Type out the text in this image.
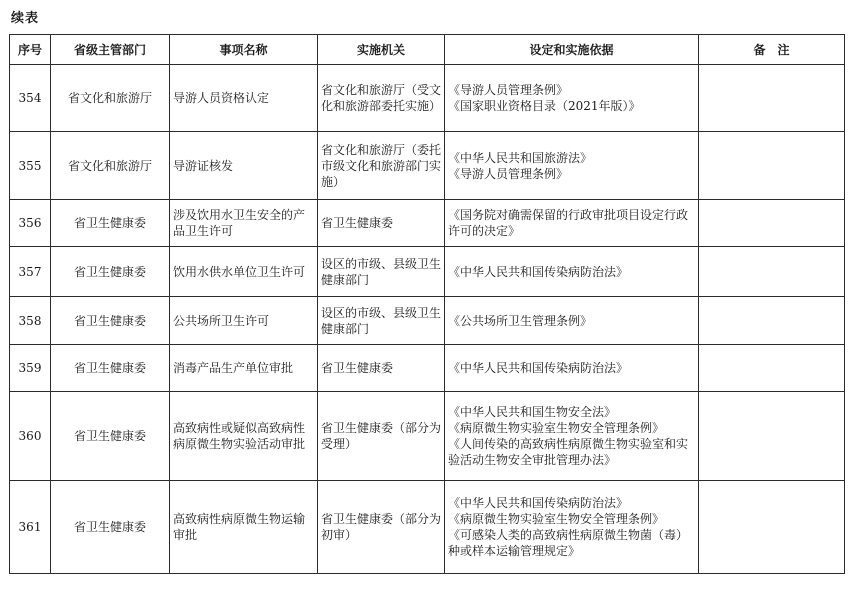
续表
序号	省级主管部门	事项名称	实施机关	设定和实施依据	备　注
354	省文化和旅游厅	导游人员资格认定	省文化和旅游厅（受文化和旅游部委托实施）	《导游人员管理条例》
《国家职业资格目录（2021年版）》	

355	省文化和旅游厅	导游证核发	省文化和旅游厅（委托市级文化和旅游部门实施）	《中华人民共和国旅游法》
《导游人员管理条例》	

356	省卫生健康委	涉及饮用水卫生安全的产品卫生许可	省卫生健康委	《国务院对确需保留的行政审批项目设定行政许可的决定》	

357	省卫生健康委	饮用水供水单位卫生许可	设区的市级、县级卫生健康部门	《中华人民共和国传染病防治法》	

358	省卫生健康委	公共场所卫生许可	设区的市级、县级卫生健康部门	《公共场所卫生管理条例》	

359	省卫生健康委	消毒产品生产单位审批	省卫生健康委	《中华人民共和国传染病防治法》	

360	省卫生健康委	高致病性或疑似高致病性病原微生物实验活动审批	省卫生健康委（部分为受理）	《中华人民共和国生物安全法》
《病原微生物实验室生物安全管理条例》
《人间传染的高致病性病原微生物实验室和实验活动生物安全审批管理办法》	

361	省卫生健康委	高致病性病原微生物运输审批	省卫生健康委（部分为初审）	《中华人民共和国传染病防治法》
《病原微生物实验室生物安全管理条例》
《可感染人类的高致病性病原微生物菌（毒）种或样本运输管理规定》	
